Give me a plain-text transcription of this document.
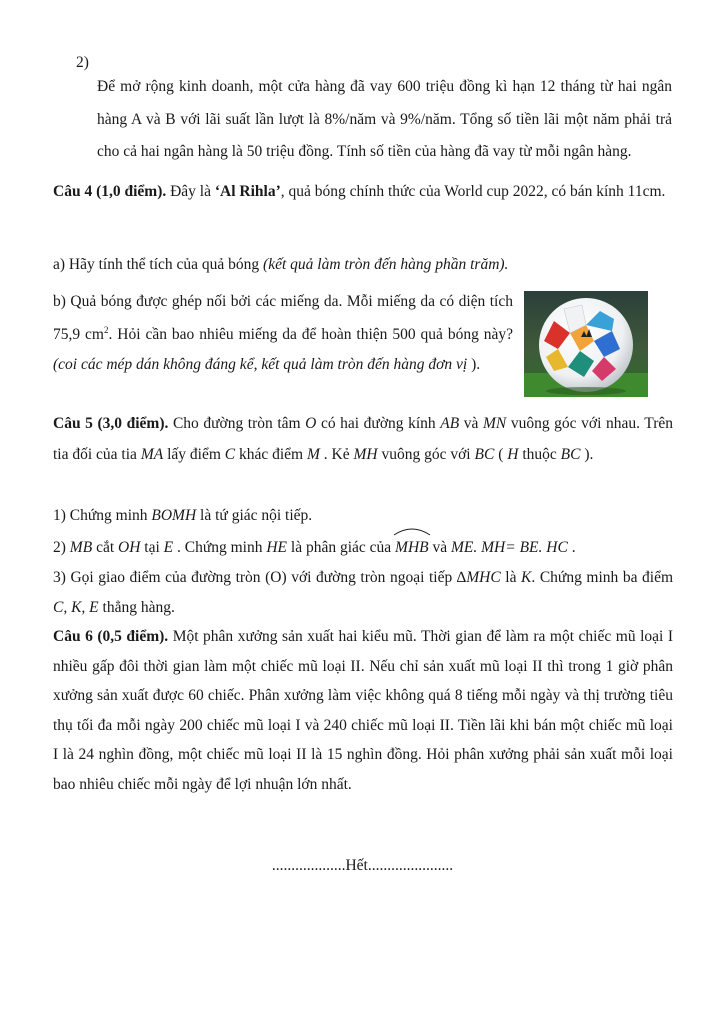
2)

Để mở rộng kinh doanh, một cửa hàng đã vay 600 triệu đồng kì hạn 12 tháng từ hai ngân hàng A và B với lãi suất lần lượt là 8%/năm và 9%/năm. Tổng số tiền lãi một năm phải trả cho cả hai ngân hàng là 50 triệu đồng. Tính số tiền của hàng đã vay từ mỗi ngân hàng.

Câu 4 (1,0 điểm). Đây là ‘Al Rihla’, quả bóng chính thức của World cup 2022, có bán kính 11cm.

a) Hãy tính thể tích của quả bóng (kết quả làm tròn đến hàng phần trăm).

b) Quả bóng được ghép nối bởi các miếng da. Mỗi miếng da có diện tích 75,9 $cm^2$. Hỏi cần bao nhiêu miếng da để hoàn thiện 500 quả bóng này? (coi các mép dán không đáng kể, kết quả làm tròn đến hàng đơn vị ).

Câu 5 (3,0 điểm). Cho đường tròn tâm O có hai đường kính AB và MN vuông góc với nhau. Trên tia đối của tia MA lấy điểm C khác điểm M . Kẻ MH vuông góc với BC ( H thuộc BC ).

1) Chứng minh BOMH là tứ giác nội tiếp.

2) MB cắt OH tại E . Chứng minh HE là phân giác của
MHB và ME. MH= BE. HC .

3) Gọi giao điểm của đường tròn (O) với đường tròn ngoại tiếp ∆MHC là K. Chứng minh ba điểm C, K, E thẳng hàng.

Câu 6 (0,5 điểm). Một phân xưởng sản xuất hai kiểu mũ. Thời gian để làm ra một chiếc mũ loại I nhiều gấp đôi thời gian làm một chiếc mũ loại II. Nếu chỉ sản xuất mũ loại II thì trong 1 giờ phân xưởng sản xuất được 60 chiếc. Phân xưởng làm việc không quá 8 tiếng mỗi ngày và thị trường tiêu thụ tối đa mỗi ngày 200 chiếc mũ loại I và 240 chiếc mũ loại II. Tiền lãi khi bán một chiếc mũ loại I là 24 nghìn đồng, một chiếc mũ loại II là 15 nghìn đồng. Hỏi phân xưởng phải sản xuất mỗi loại bao nhiêu chiếc mỗi ngày để lợi nhuận lớn nhất.

...................Hết......................
